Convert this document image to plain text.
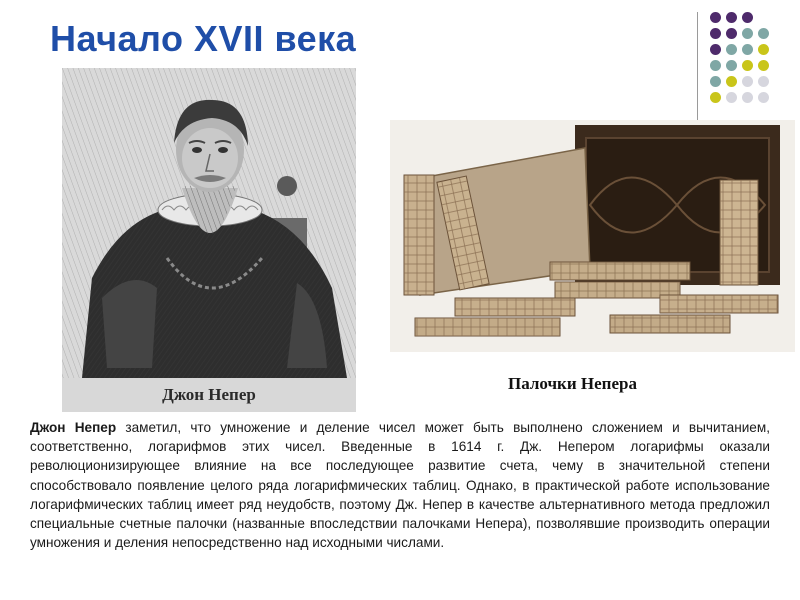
Начало XVII века
Джон Непер
Палочки Непера
Джон Непер заметил, что умножение и деление чисел может быть выполнено сложением и вычитанием, соответственно, логарифмов этих чисел. Введенные в 1614 г. Дж. Непером логарифмы оказали революционизирующее влияние на все последующее развитие счета, чему в значительной степени способствовало появление целого ряда логарифмических таблиц. Однако, в практической работе использование логарифмических таблиц имеет ряд неудобств, поэтому Дж. Непер в качестве альтернативного метода предложил специальные счетные палочки (названные впоследствии палочками Непера), позволявшие производить операции умножения и деления непосредственно над исходными числами.
